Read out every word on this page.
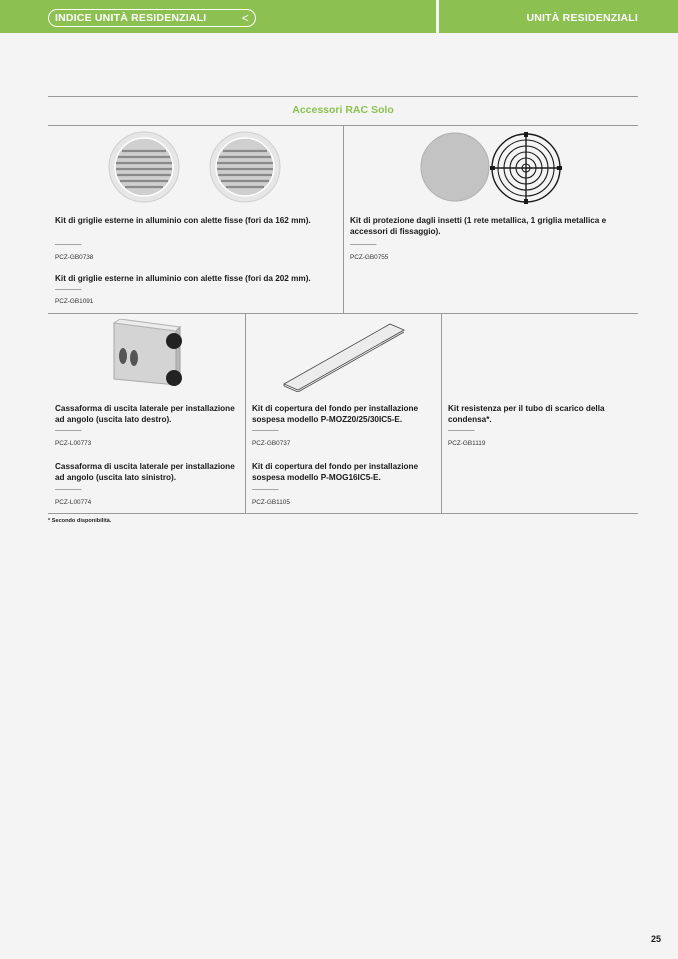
INDICE UNITÀ RESIDENZIALI	<	UNITÀ RESIDENZIALI
Accessori RAC Solo
Kit di griglie esterne in alluminio con alette fisse (fori da 162 mm).
————
PCZ-GB0738
Kit di griglie esterne in alluminio con alette fisse (fori da 202 mm).
————
PCZ-GB1091
Kit di protezione dagli insetti (1 rete metallica, 1 griglia metallica e accessori di fissaggio).
————
PCZ-GB0755
Cassaforma di uscita laterale per installazione ad angolo (uscita lato destro).
————
PCZ-L00773
Cassaforma di uscita laterale per installazione ad angolo (uscita lato sinistro).
————
PCZ-L00774
Kit di copertura del fondo per installazione sospesa modello P-MOZ20/25/30IC5-E.
————
PCZ-GB0737
Kit di copertura del fondo per installazione sospesa modello P-MOG16IC5-E.
————
PCZ-GB1105
Kit resistenza per il tubo di scarico della condensa*.
————
PCZ-GB1119
* Secondo disponibilità.
25
